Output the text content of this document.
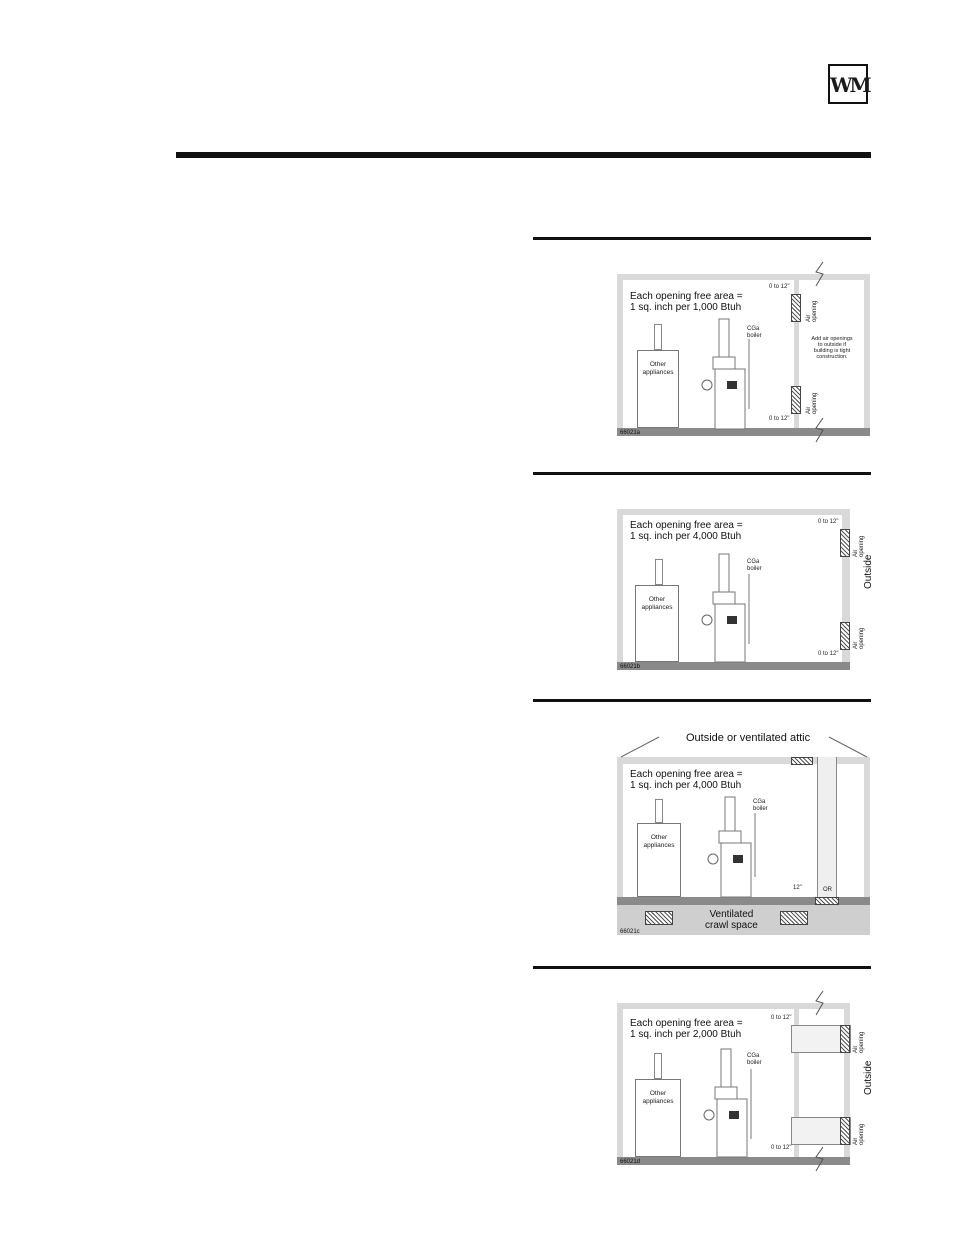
WM
Each opening free area =
1 sq. inch per 1,000 Btuh
Other
appliances
CGa
boiler
0 to 12"
0 to 12"
Air
opening
Air
opening
Add air openings
to outside if
building is tight
construction.
66021a
Each opening free area =
1 sq. inch per 4,000 Btuh
Other
appliances
CGa
boiler
0 to 12"
0 to 12"
Air
opening
Air
opening
Outside
66021b
Outside or ventilated attic
Ventilated
crawl space
Each opening free area =
1 sq. inch per 4,000 Btuh
Other
appliances
CGa
boiler
12"	OR
66021c
Each opening free area =
1 sq. inch per 2,000 Btuh
Other
appliances
CGa
boiler
0 to 12"
0 to 12"
Air
opening
Air
opening
Outside
66021d
